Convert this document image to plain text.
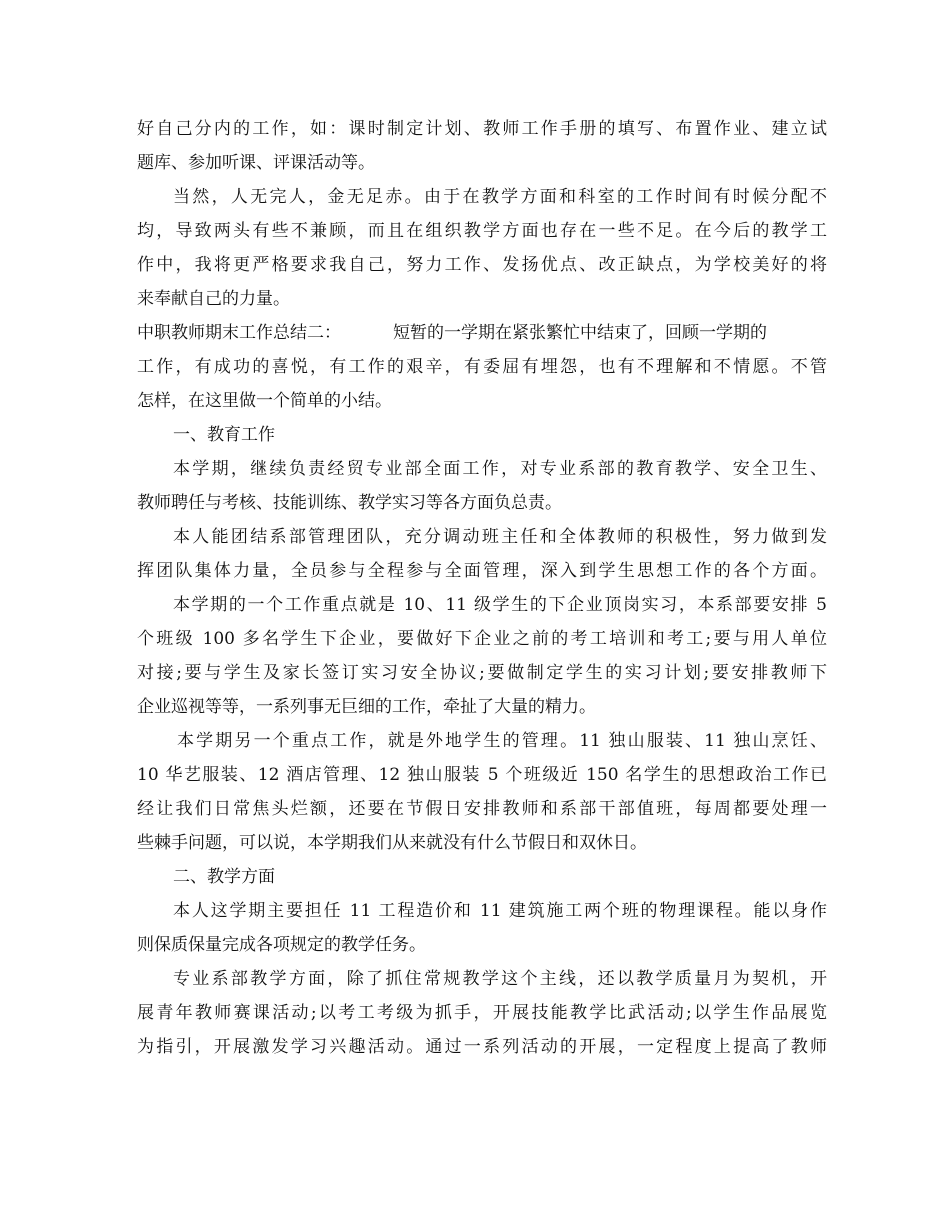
好自己分内的工作，如：课时制定计划、教师工作手册的填写、布置作业、建立试
题库、参加听课、评课活动等。
当然，人无完人，金无足赤。由于在教学方面和科室的工作时间有时候分配不
均，导致两头有些不兼顾，而且在组织教学方面也存在一些不足。在今后的教学工
作中，我将更严格要求我自己，努力工作、发扬优点、改正缺点，为学校美好的将
来奉献自己的力量。
中职教师期末工作总结二：	短暂的一学期在紧张繁忙中结束了，回顾一学期的
工作，有成功的喜悦，有工作的艰辛，有委屈有埋怨，也有不理解和不情愿。不管
怎样，在这里做一个简单的小结。
一、教育工作
本学期，继续负责经贸专业部全面工作，对专业系部的教育教学、安全卫生、
教师聘任与考核、技能训练、教学实习等各方面负总责。
本人能团结系部管理团队，充分调动班主任和全体教师的积极性，努力做到发
挥团队集体力量，全员参与全程参与全面管理，深入到学生思想工作的各个方面。
本学期的一个工作重点就是 10、11 级学生的下企业顶岗实习，本系部要安排 5
个班级 100 多名学生下企业，要做好下企业之前的考工培训和考工;要与用人单位
对接;要与学生及家长签订实习安全协议;要做制定学生的实习计划;要安排教师下
企业巡视等等，一系列事无巨细的工作，牵扯了大量的精力。
本学期另一个重点工作，就是外地学生的管理。11 独山服装、11 独山烹饪、
10 华艺服装、12 酒店管理、12 独山服装 5 个班级近 150 名学生的思想政治工作已
经让我们日常焦头烂额，还要在节假日安排教师和系部干部值班，每周都要处理一
些棘手问题，可以说，本学期我们从来就没有什么节假日和双休日。
二、教学方面
本人这学期主要担任 11 工程造价和 11 建筑施工两个班的物理课程。能以身作
则保质保量完成各项规定的教学任务。
专业系部教学方面，除了抓住常规教学这个主线，还以教学质量月为契机，开
展青年教师赛课活动;以考工考级为抓手，开展技能教学比武活动;以学生作品展览
为指引，开展激发学习兴趣活动。通过一系列活动的开展，一定程度上提高了教师
